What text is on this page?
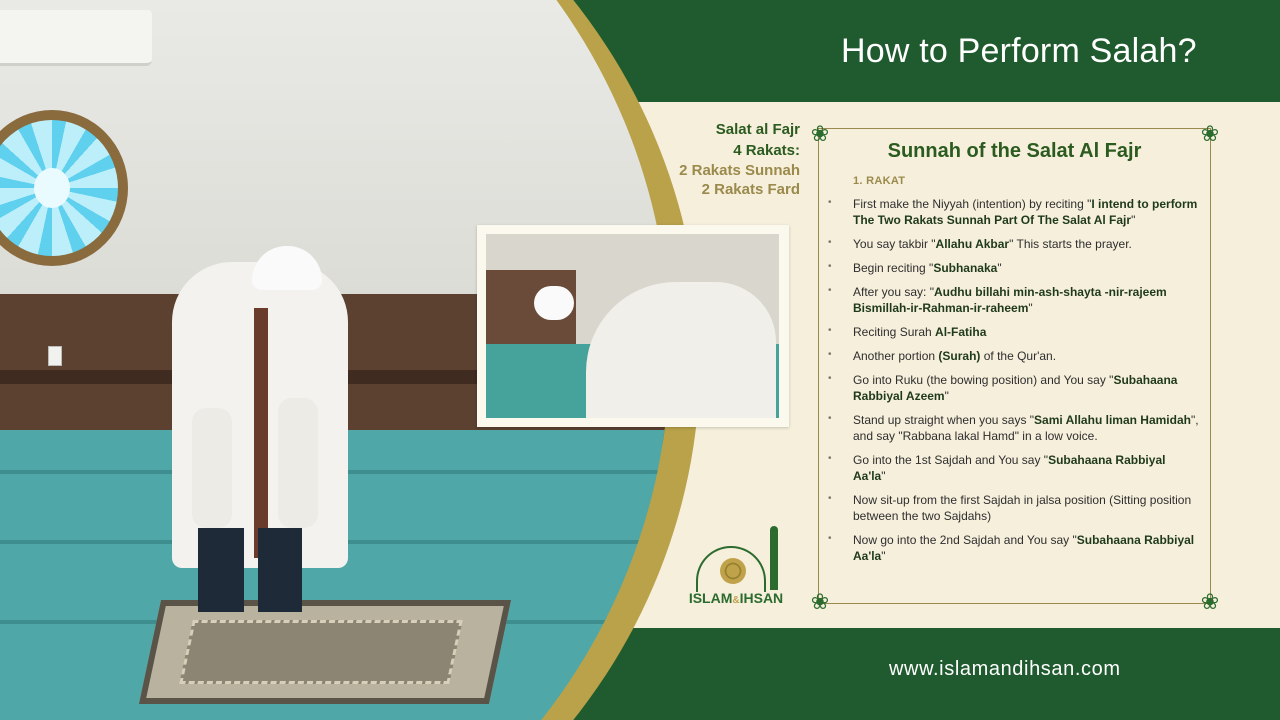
How to Perform Salah?
Salat al Fajr
4 Rakats:
2 Rakats Sunnah
2 Rakats Fard
ISLAM&IHSAN
❀	❀
❀	❀
Sunnah of the Salat Al Fajr
1. RAKAT
• First make the Niyyah (intention) by reciting "I intend to perform The Two Rakats Sunnah Part Of The Salat Al Fajr"
• You say takbir "Allahu Akbar" This starts the prayer.
• Begin reciting "Subhanaka"
• After you say: "Audhu billahi min-ash-shayta -nir-rajeem Bismillah-ir-Rahman-ir-raheem"
• Reciting Surah Al-Fatiha
• Another portion (Surah) of the Qur'an.
• Go into Ruku (the bowing position) and You say "Subahaana Rabbiyal Azeem"
• Stand up straight when you says "Sami Allahu liman Hamidah", and say "Rabbana lakal Hamd" in a low voice.
• Go into the 1st Sajdah and You say "Subahaana Rabbiyal Aa'la"
• Now sit-up from the first Sajdah in jalsa position (Sitting position between the two Sajdahs)
• Now go into the 2nd Sajdah and You say "Subahaana Rabbiyal Aa'la"
www.islamandihsan.com
